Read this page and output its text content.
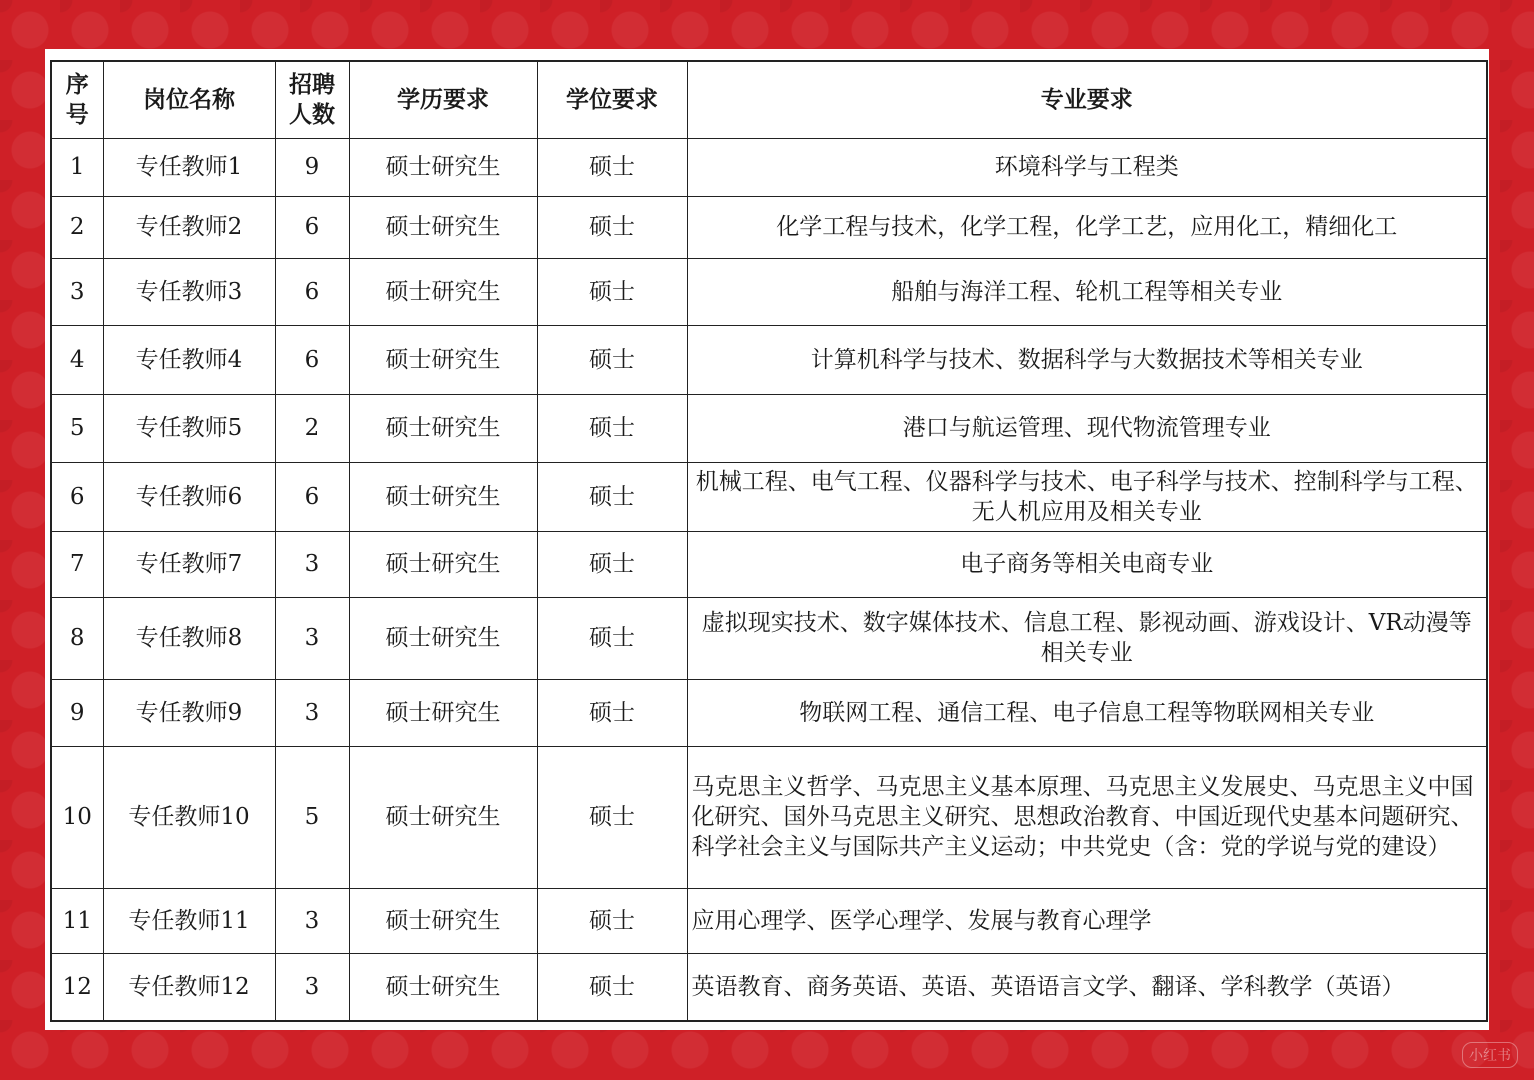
序号	岗位名称	招聘人数	学历要求	学位要求	专业要求
1	专任教师1	9	硕士研究生	硕士	环境科学与工程类
2	专任教师2	6	硕士研究生	硕士	化学工程与技术，化学工程，化学工艺，应用化工，精细化工
3	专任教师3	6	硕士研究生	硕士	船舶与海洋工程、轮机工程等相关专业
4	专任教师4	6	硕士研究生	硕士	计算机科学与技术、数据科学与大数据技术等相关专业
5	专任教师5	2	硕士研究生	硕士	港口与航运管理、现代物流管理专业
6	专任教师6	6	硕士研究生	硕士	机械工程、电气工程、仪器科学与技术、电子科学与技术、控制科学与工程、无人机应用及相关专业
7	专任教师7	3	硕士研究生	硕士	电子商务等相关电商专业
8	专任教师8	3	硕士研究生	硕士	虚拟现实技术、数字媒体技术、信息工程、影视动画、游戏设计、VR动漫等相关专业
9	专任教师9	3	硕士研究生	硕士	物联网工程、通信工程、电子信息工程等物联网相关专业
10	专任教师10	5	硕士研究生	硕士	马克思主义哲学、马克思主义基本原理、马克思主义发展史、马克思主义中国化研究、国外马克思主义研究、思想政治教育、中国近现代史基本问题研究、科学社会主义与国际共产主义运动；中共党史（含：党的学说与党的建设）
11	专任教师11	3	硕士研究生	硕士	应用心理学、医学心理学、发展与教育心理学
12	专任教师12	3	硕士研究生	硕士	英语教育、商务英语、英语、英语语言文学、翻译、学科教学（英语）
小红书
